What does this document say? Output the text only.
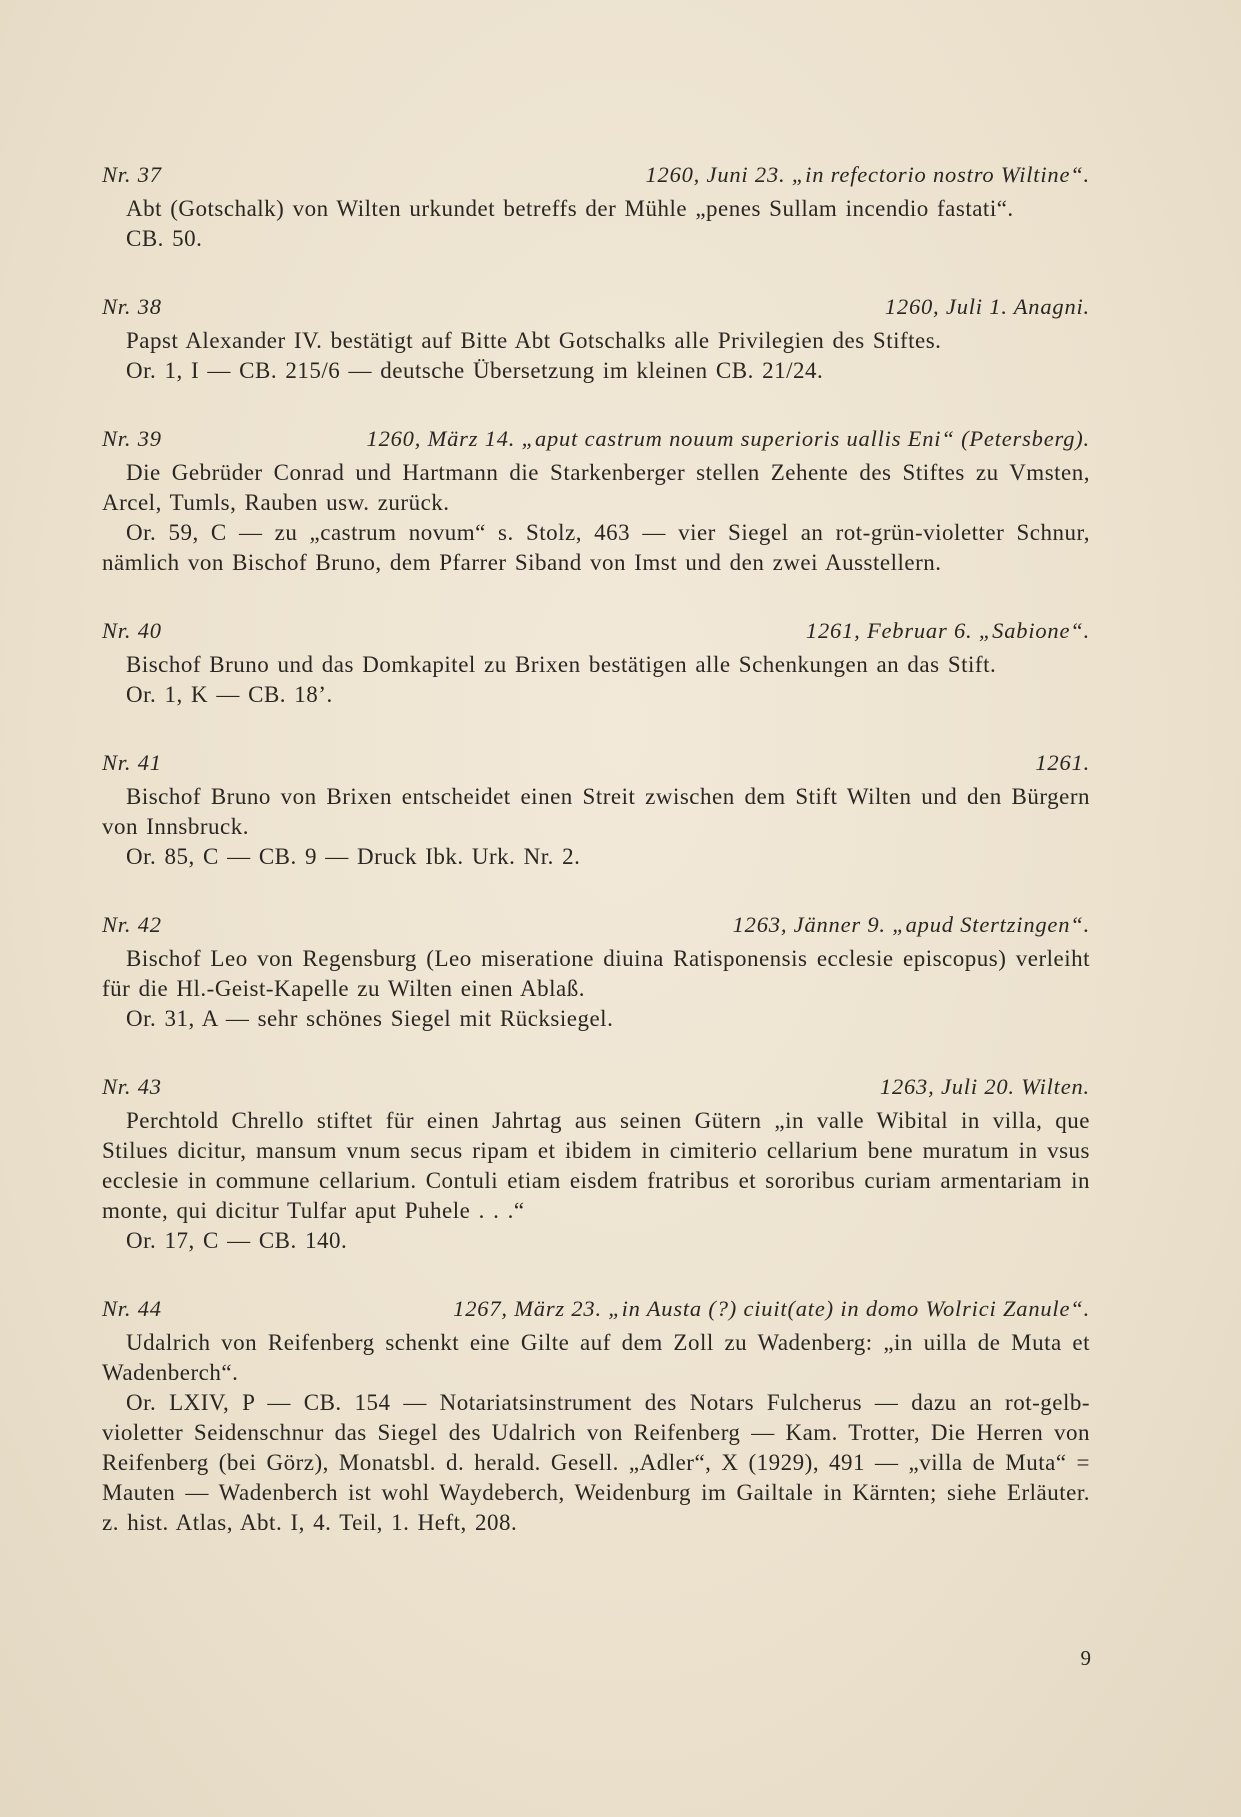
Nr. 37	1260, Juni 23. „in refectorio nostro Wiltine“.

Abt (Gotschalk) von Wilten urkundet betreffs der Mühle „penes Sullam incendio fastati“.

CB. 50.

Nr. 38	1260, Juli 1. Anagni.

Papst Alexander IV. bestätigt auf Bitte Abt Gotschalks alle Privilegien des Stiftes.

Or. 1, I — CB. 215/6 — deutsche Übersetzung im kleinen CB. 21/24.

Nr. 39	1260, März 14. „aput castrum nouum superioris uallis Eni“ (Petersberg).

Die Gebrüder Conrad und Hartmann die Starkenberger stellen Zehente des Stiftes zu Vmsten, Arcel, Tumls, Rauben usw. zurück.

Or. 59, C — zu „castrum novum“ s. Stolz, 463 — vier Siegel an rot-grün-violetter Schnur, nämlich von Bischof Bruno, dem Pfarrer Siband von Imst und den zwei Ausstellern.

Nr. 40	1261, Februar 6. „Sabione“.

Bischof Bruno und das Domkapitel zu Brixen bestätigen alle Schenkungen an das Stift.

Or. 1, K — CB. 18’.

Nr. 41	1261.

Bischof Bruno von Brixen entscheidet einen Streit zwischen dem Stift Wilten und den Bürgern von Innsbruck.

Or. 85, C — CB. 9 — Druck Ibk. Urk. Nr. 2.

Nr. 42	1263, Jänner 9. „apud Stertzingen“.

Bischof Leo von Regensburg (Leo miseratione diuina Ratisponensis ecclesie episcopus) verleiht für die Hl.-Geist-Kapelle zu Wilten einen Ablaß.

Or. 31, A — sehr schönes Siegel mit Rücksiegel.

Nr. 43	1263, Juli 20. Wilten.

Perchtold Chrello stiftet für einen Jahrtag aus seinen Gütern „in valle Wibital in villa, que Stilues dicitur, mansum vnum secus ripam et ibidem in cimiterio cellarium bene muratum in vsus ecclesie in commune cellarium. Contuli etiam eisdem fratribus et sororibus curiam armentariam in monte, qui dicitur Tulfar aput Puhele . . .“

Or. 17, C — CB. 140.

Nr. 44	1267, März 23. „in Austa (?) ciuit(ate) in domo Wolrici Zanule“.

Udalrich von Reifenberg schenkt eine Gilte auf dem Zoll zu Wadenberg: „in uilla de Muta et Wadenberch“.

Or. LXIV, P — CB. 154 — Notariatsinstrument des Notars Fulcherus — dazu an rot-gelb-violetter Seidenschnur das Siegel des Udalrich von Reifenberg — Kam. Trotter, Die Herren von Reifenberg (bei Görz), Monatsbl. d. herald. Gesell. „Adler“, X (1929), 491 — „villa de Muta“ = Mauten — Wadenberch ist wohl Waydeberch, Weidenburg im Gailtale in Kärnten; siehe Erläuter. z. hist. Atlas, Abt. I, 4. Teil, 1. Heft, 208.

9
